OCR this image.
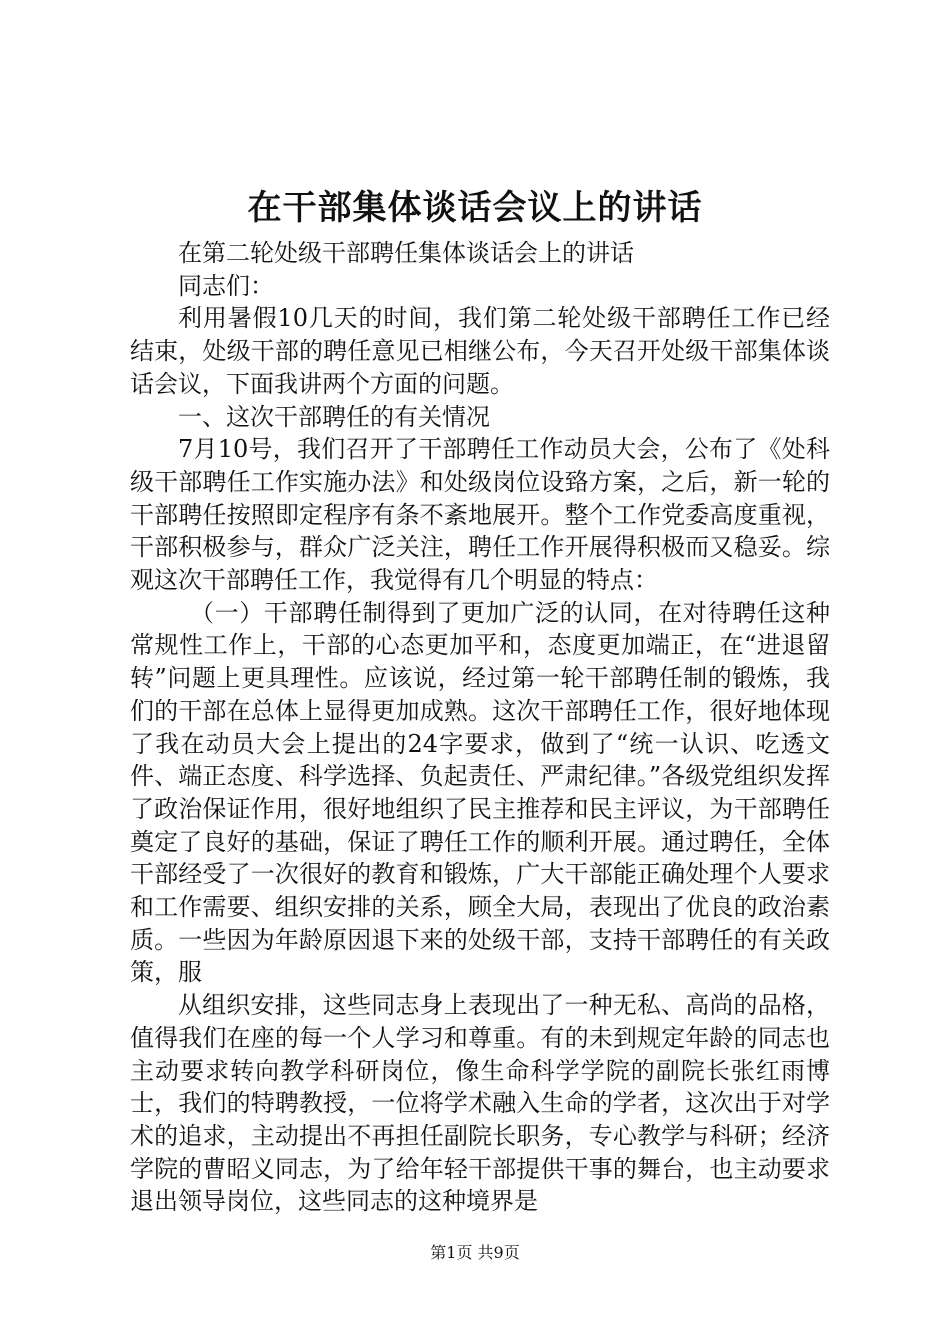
在干部集体谈话会议上的讲话

在第二轮处级干部聘任集体谈话会上的讲话

同志们：

利用暑假10几天的时间，我们第二轮处级干部聘任工作已经结束，处级干部的聘任意见已相继公布，今天召开处级干部集体谈话会议，下面我讲两个方面的问题。

一、这次干部聘任的有关情况

7月10号，我们召开了干部聘任工作动员大会，公布了《处科级干部聘任工作实施办法》和处级岗位设臵方案，之后，新一轮的干部聘任按照即定程序有条不紊地展开。整个工作党委高度重视，干部积极参与，群众广泛关注，聘任工作开展得积极而又稳妥。综观这次干部聘任工作，我觉得有几个明显的特点：

（一）干部聘任制得到了更加广泛的认同，在对待聘任这种常规性工作上，干部的心态更加平和，态度更加端正，在“进退留转”问题上更具理性。应该说，经过第一轮干部聘任制的锻炼，我们的干部在总体上显得更加成熟。这次干部聘任工作，很好地体现了我在动员大会上提出的24字要求，做到了“统一认识、吃透文件、端正态度、科学选择、负起责任、严肃纪律。”各级党组织发挥了政治保证作用，很好地组织了民主推荐和民主评议，为干部聘任奠定了良好的基础，保证了聘任工作的顺利开展。通过聘任，全体干部经受了一次很好的教育和锻炼，广大干部能正确处理个人要求和工作需要、组织安排的关系，顾全大局，表现出了优良的政治素质。一些因为年龄原因退下来的处级干部，支持干部聘任的有关政策，服

从组织安排，这些同志身上表现出了一种无私、高尚的品格，值得我们在座的每一个人学习和尊重。有的未到规定年龄的同志也主动要求转向教学科研岗位，像生命科学学院的副院长张红雨博士，我们的特聘教授，一位将学术融入生命的学者，这次出于对学术的追求，主动提出不再担任副院长职务，专心教学与科研；经济学院的曹昭义同志，为了给年轻干部提供干事的舞台，也主动要求退出领导岗位，这些同志的这种境界是

第1页 共9页
